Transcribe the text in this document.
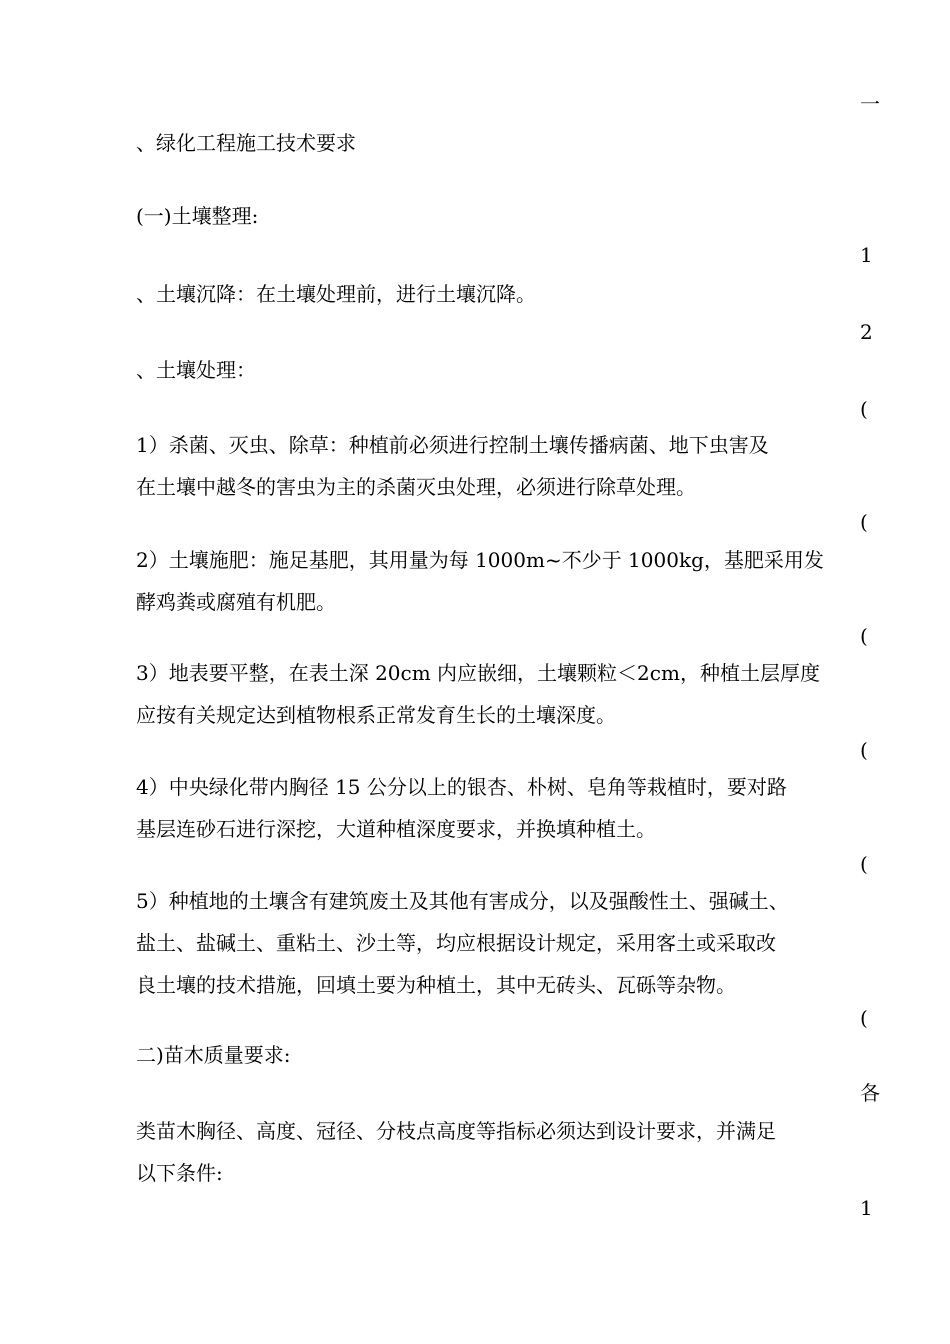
一
、绿化工程施工技术要求
(一)土壤整理:
1
、土壤沉降：在土壤处理前，进行土壤沉降。
2
、土壤处理：
(
1）杀菌、灭虫、除草：种植前必须进行控制土壤传播病菌、地下虫害及
在土壤中越冬的害虫为主的杀菌灭虫处理，必须进行除草处理。
(
2）土壤施肥：施足基肥，其用量为每 1000m~不少于 1000kg，基肥采用发
酵鸡粪或腐殖有机肥。
(
3）地表要平整，在表土深 20cm 内应嵌细，土壤颗粒＜2cm，种植土层厚度
应按有关规定达到植物根系正常发育生长的土壤深度。
(
4）中央绿化带内胸径 15 公分以上的银杏、朴树、皂角等栽植时，要对路
基层连砂石进行深挖，大道种植深度要求，并换填种植土。
(
5）种植地的土壤含有建筑废土及其他有害成分，以及强酸性土、强碱土、
盐土、盐碱土、重粘土、沙土等，均应根据设计规定，采用客土或采取改
良土壤的技术措施，回填土要为种植土，其中无砖头、瓦砾等杂物。
(
二)苗木质量要求:
各
类苗木胸径、高度、冠径、分枝点高度等指标必须达到设计要求，并满足
以下条件:
1
